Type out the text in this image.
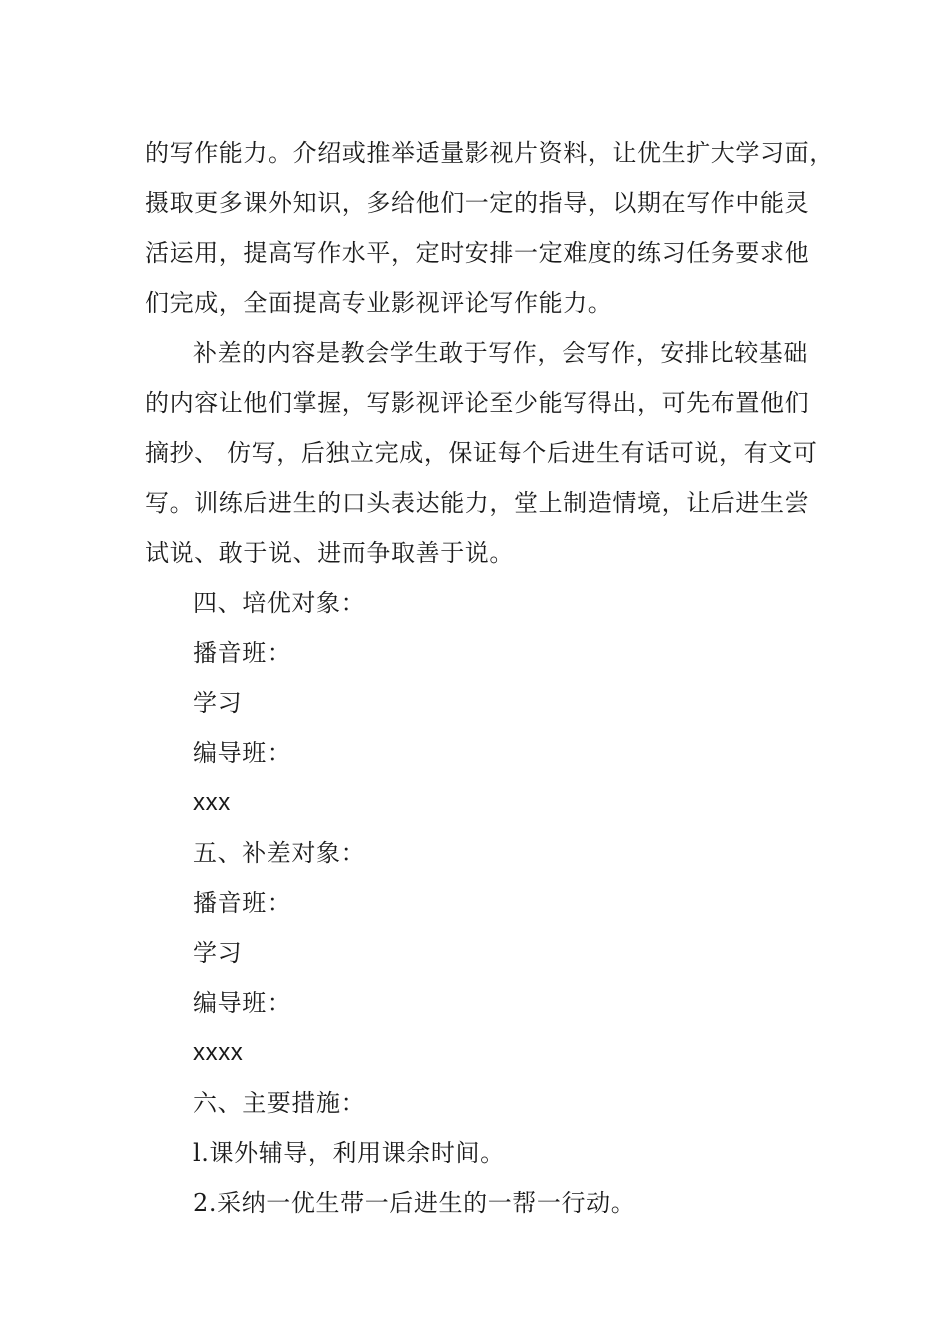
的写作能力。介绍或推举适量影视片资料，让优生扩大学习面，

摄取更多课外知识，多给他们一定的指导，以期在写作中能灵

活运用，提高写作水平，定时安排一定难度的练习任务要求他

们完成，全面提高专业影视评论写作能力。

补差的内容是教会学生敢于写作，会写作，安排比较基础

的内容让他们掌握，写影视评论至少能写得出，可先布置他们

摘抄、 仿写，后独立完成，保证每个后进生有话可说，有文可

写。训练后进生的口头表达能力，堂上制造情境，让后进生尝

试说、敢于说、进而争取善于说。

四、培优对象：

播音班：

学习

编导班：

xxx

五、补差对象：

播音班：

学习

编导班：

xxxx

六、主要措施：

l.课外辅导，利用课余时间。

2.采纳一优生带一后进生的一帮一行动。
